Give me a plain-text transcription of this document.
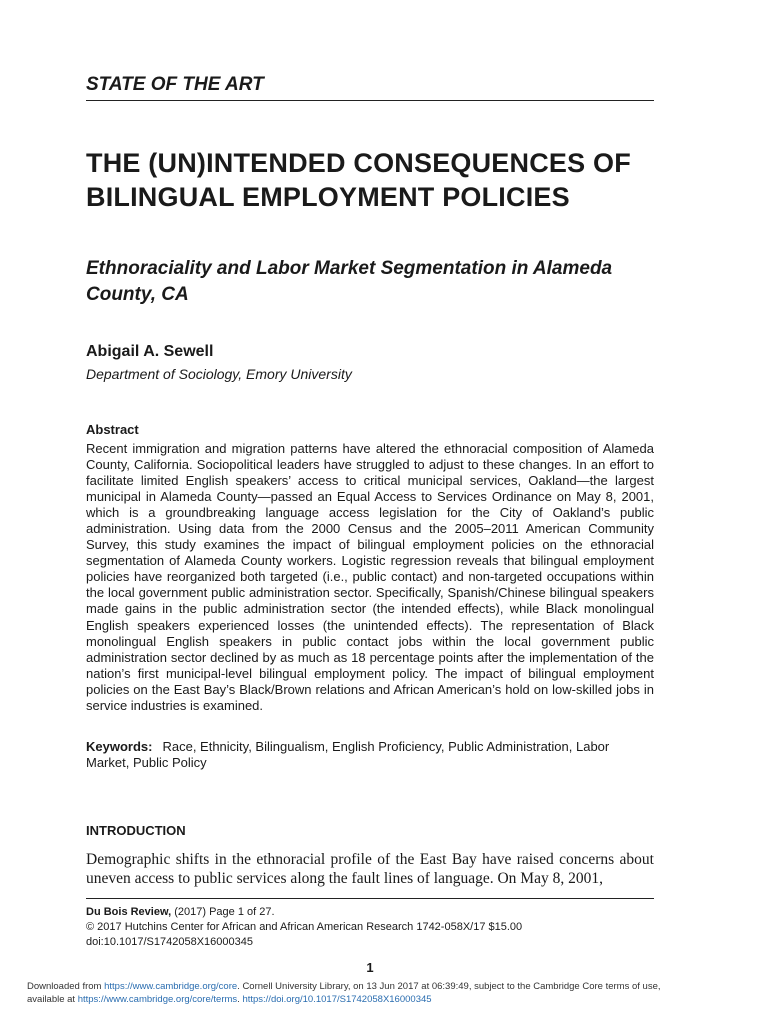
STATE OF THE ART
THE (UN)INTENDED CONSEQUENCES OF BILINGUAL EMPLOYMENT POLICIES
Ethnoraciality and Labor Market Segmentation in Alameda County, CA
Abigail A. Sewell
Department of Sociology, Emory University
Abstract
Recent immigration and migration patterns have altered the ethnoracial composition of Alameda County, California. Sociopolitical leaders have struggled to adjust to these changes. In an effort to facilitate limited English speakers’ access to critical municipal services, Oakland—the largest municipal in Alameda County—passed an Equal Access to Services Ordinance on May 8, 2001, which is a groundbreaking language access legislation for the City of Oakland’s public administration. Using data from the 2000 Census and the 2005–2011 American Community Survey, this study examines the impact of bilingual employment policies on the ethnoracial segmentation of Alameda County workers. Logistic regression reveals that bilingual employment policies have reorganized both targeted (i.e., public contact) and non-targeted occupations within the local government public administration sector. Specifically, Spanish/Chinese bilingual speakers made gains in the public administration sector (the intended effects), while Black monolingual English speakers experienced losses (the unintended effects). The representation of Black monolingual English speakers in public contact jobs within the local government public administration sector declined by as much as 18 percentage points after the implementation of the nation’s first municipal-level bilingual employment policy. The impact of bilingual employment policies on the East Bay’s Black/Brown relations and African American’s hold on low-skilled jobs in service industries is examined.
Keywords: Race, Ethnicity, Bilingualism, English Proficiency, Public Administration, Labor Market, Public Policy
INTRODUCTION
Demographic shifts in the ethnoracial profile of the East Bay have raised concerns about uneven access to public services along the fault lines of language. On May 8, 2001,
Du Bois Review, (2017) Page 1 of 27.
© 2017 Hutchins Center for African and African American Research 1742-058X/17 $15.00
doi:10.1017/S1742058X16000345
1
Downloaded from https://www.cambridge.org/core. Cornell University Library, on 13 Jun 2017 at 06:39:49, subject to the Cambridge Core terms of use,
available at https://www.cambridge.org/core/terms. https://doi.org/10.1017/S1742058X16000345
